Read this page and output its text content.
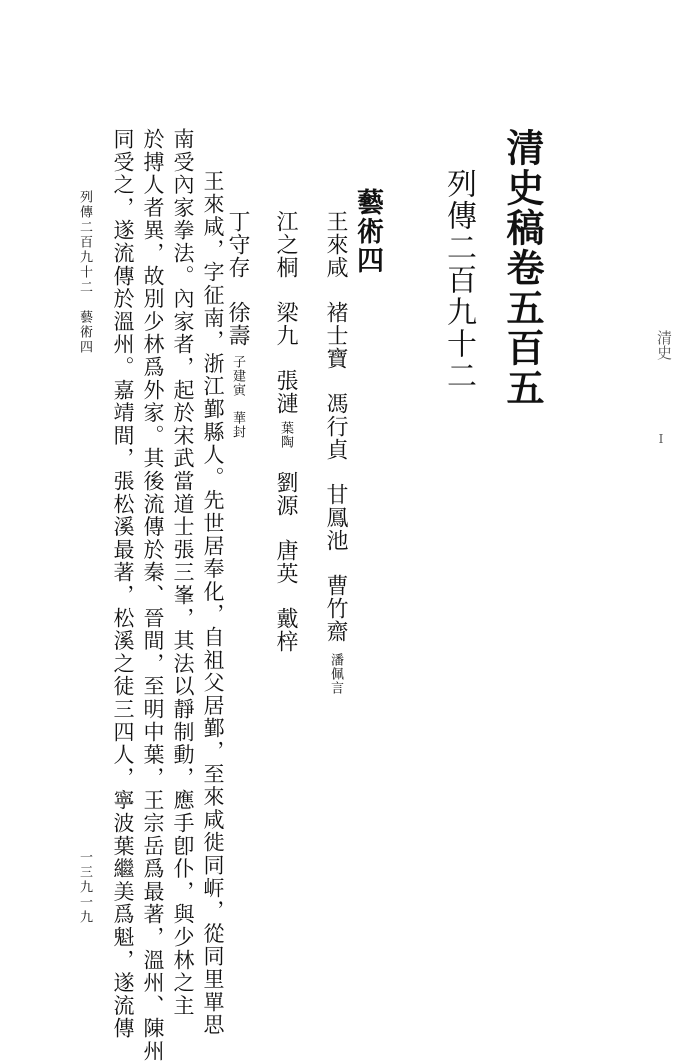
清史稿卷五百五
列傳二百九十二
藝術四
王來咸褚士寶馮行貞甘鳳池曹竹齋潘佩言
江之桐梁九張漣葉陶劉源唐英戴梓
丁守存徐壽子建寅華封
王來咸，字征南，浙江鄞縣人。先世居奉化，自祖父居鄞，至來咸徙同㟁，從同里單思
南受內家拳法。內家者，起於宋武當道士張三峯，其法以靜制動，應手卽仆，與少林之主
於搏人者異，故別少林爲外家。其後流傳於秦、晉間，至明中葉，王宗岳爲最著，溫州、陳州
同受之，遂流傳於溫州。嘉靖間，張松溪最著，松溪之徒三四人，寧波葉繼美爲魁，遂流傳
列傳二百九十二　藝術四
一三九一九
清史
I
